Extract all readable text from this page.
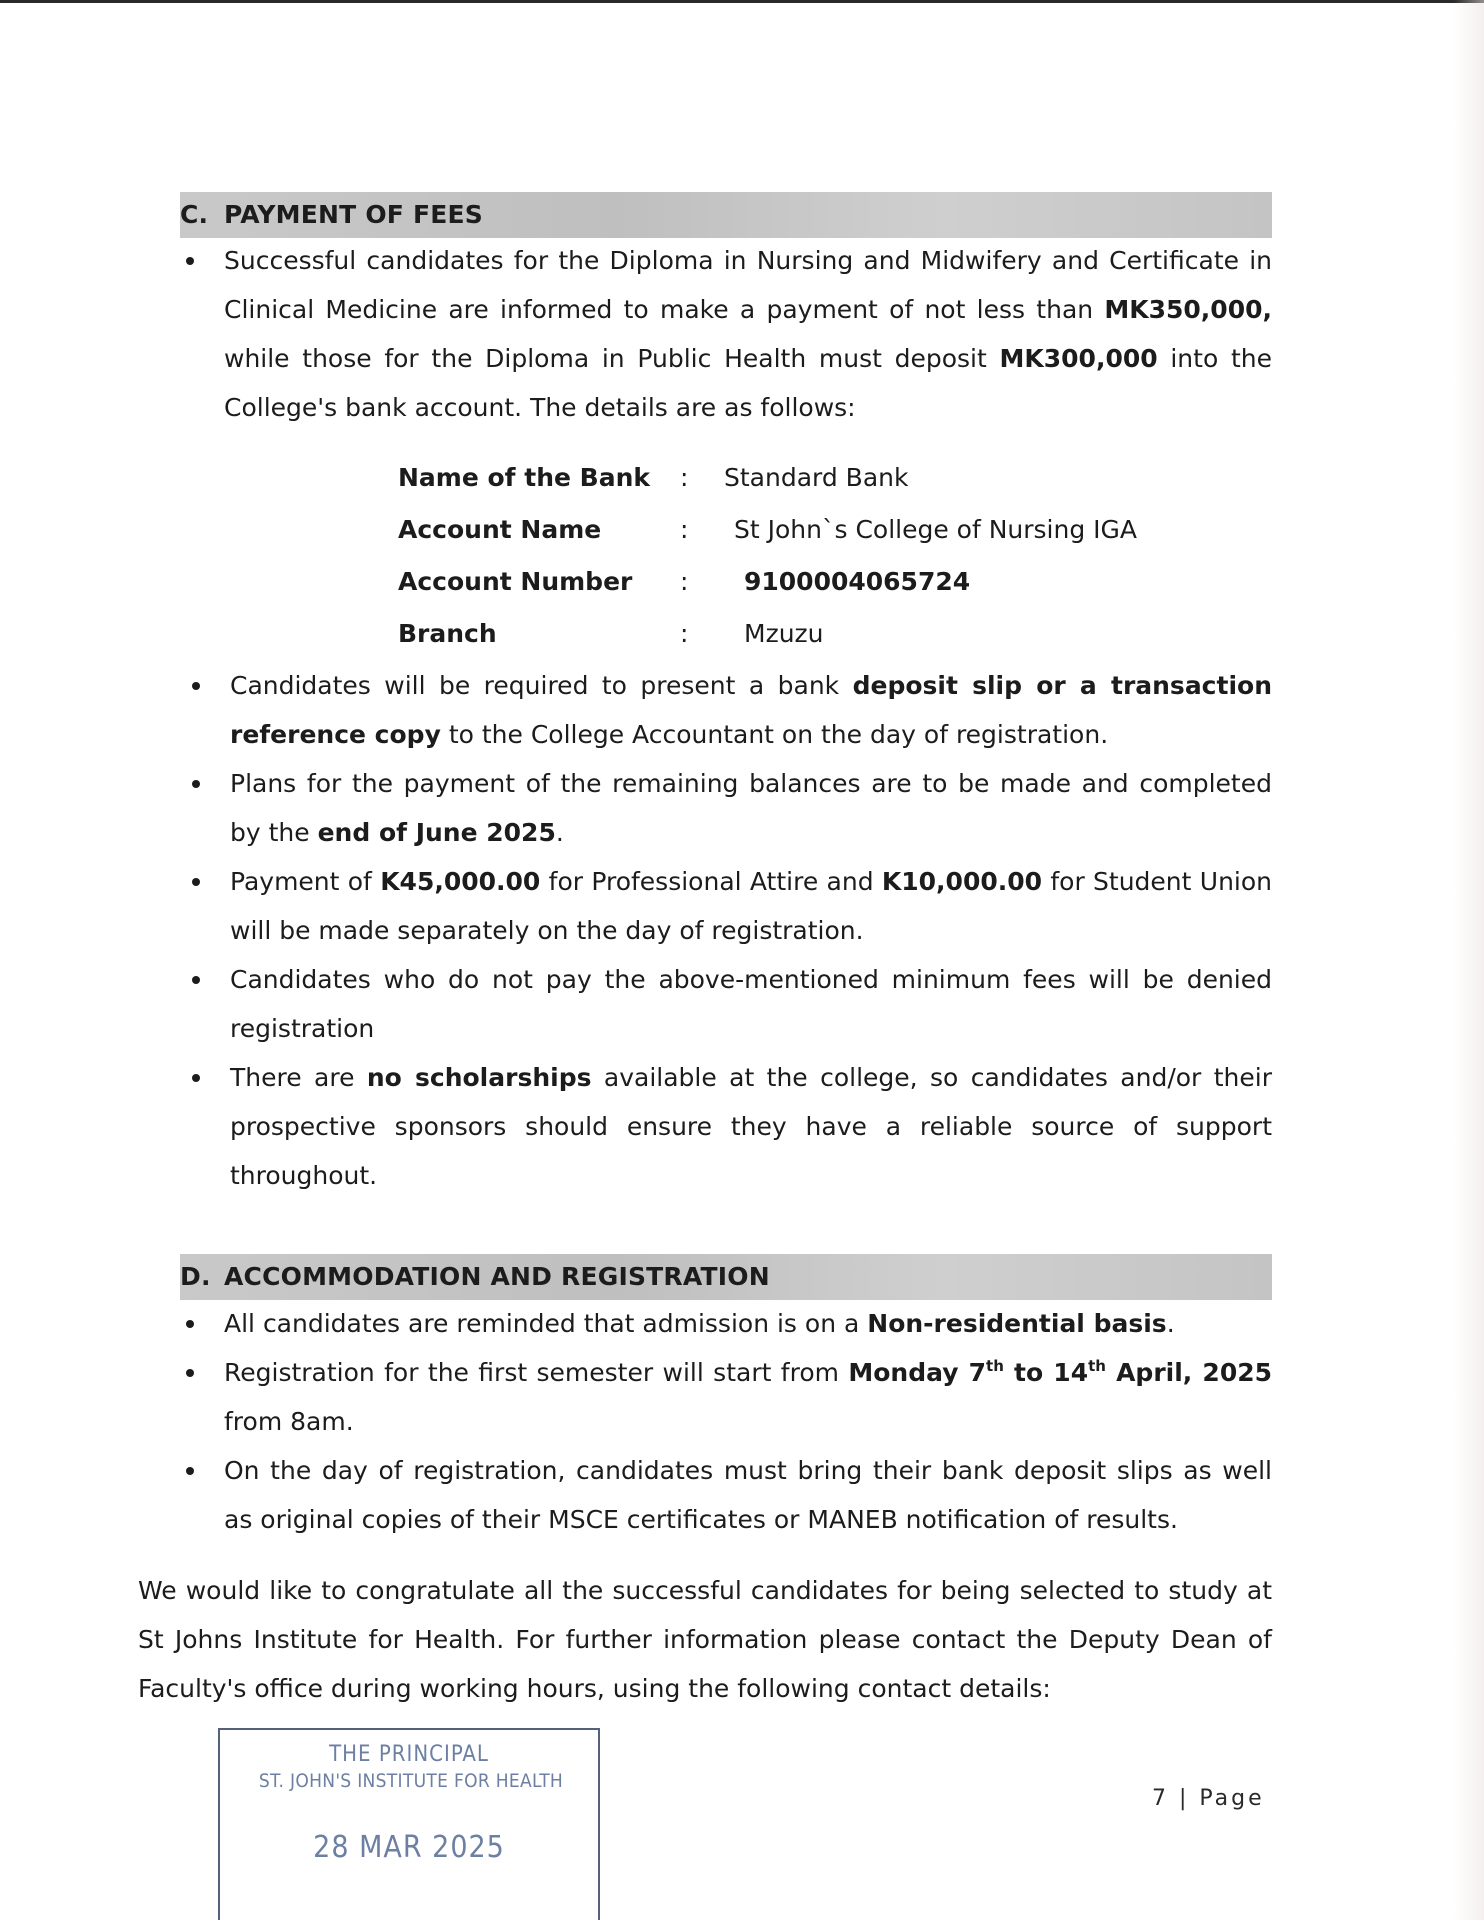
C. PAYMENT OF FEES
Successful candidates for the Diploma in Nursing and Midwifery and Certificate in Clinical Medicine are informed to make a payment of not less than MK350,000, while those for the Diploma in Public Health must deposit MK300,000 into the College's bank account. The details are as follows:
Name of the Bank : Standard Bank
Account Name	: St John`s College of Nursing IGA
Account Number : 9100004065724
Branch	: Mzuzu
Candidates will be required to present a bank deposit slip or a transaction reference copy to the College Accountant on the day of registration.
Plans for the payment of the remaining balances are to be made and completed by the end of June 2025.
Payment of K45,000.00 for Professional Attire and K10,000.00 for Student Union will be made separately on the day of registration.
Candidates who do not pay the above-mentioned minimum fees will be denied registration
There are no scholarships available at the college, so candidates and/or their prospective sponsors should ensure they have a reliable source of support throughout.
D. ACCOMMODATION AND REGISTRATION
All candidates are reminded that admission is on a Non-residential basis.
Registration for the first semester will start from Monday 7th to 14th April, 2025 from 8am.
On the day of registration, candidates must bring their bank deposit slips as well as original copies of their MSCE certificates or MANEB notification of results.

We would like to congratulate all the successful candidates for being selected to study at St Johns Institute for Health. For further information please contact the Deputy Dean of Faculty's office during working hours, using the following contact details:

THE PRINCIPAL
ST. JOHN'S INSTITUTE FOR HEALTH
28 MAR 2025
7 | Page
